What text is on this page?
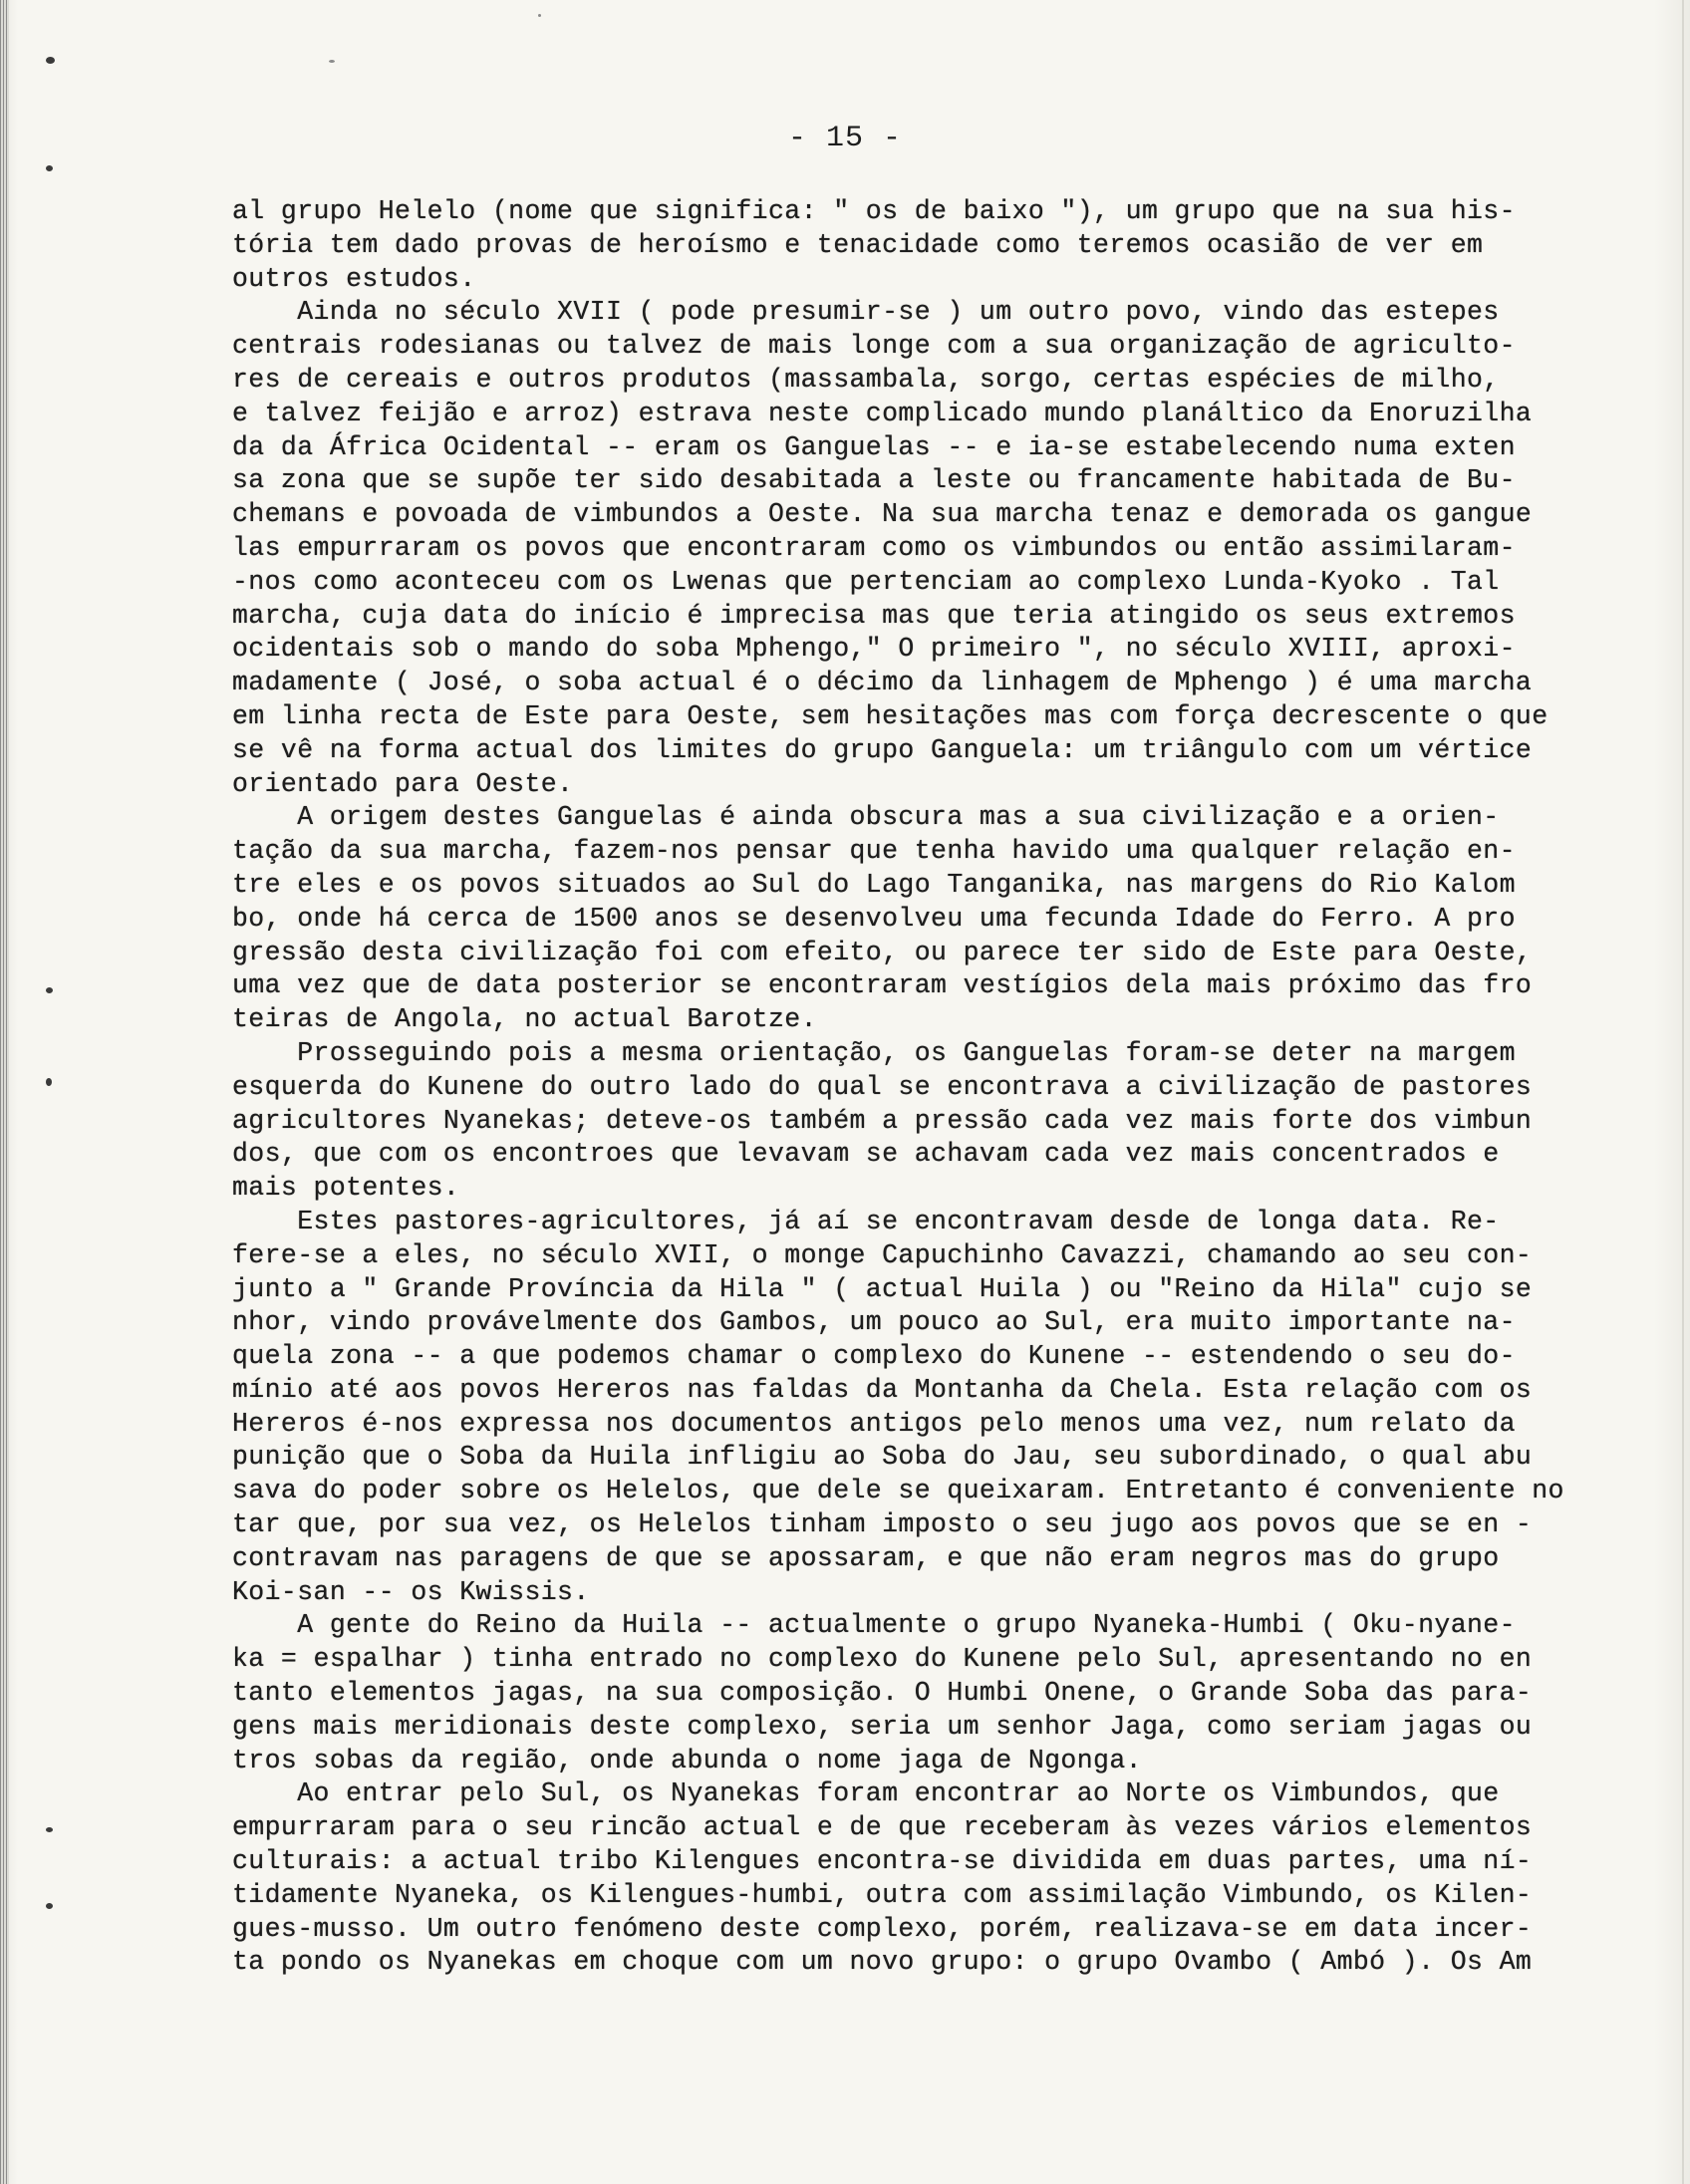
- 15 -
al grupo Helelo (nome que significa: " os de baixo "), um grupo que na sua his-
tória tem dado provas de heroísmo e tenacidade como teremos ocasião de ver em
outros estudos.
Ainda no século XVII ( pode presumir-se ) um outro povo, vindo das estepes
centrais rodesianas ou talvez de mais longe com a sua organização de agriculto-
res de cereais e outros produtos (massambala, sorgo, certas espécies de milho,
e talvez feijão e arroz) estrava neste complicado mundo planáltico da Enoruzilha
da da África Ocidental -- eram os Ganguelas -- e ia-se estabelecendo numa exten
sa zona que se supõe ter sido desabitada a leste ou francamente habitada de Bu-
chemans e povoada de vimbundos a Oeste. Na sua marcha tenaz e demorada os gangue
las empurraram os povos que encontraram como os vimbundos ou então assimilaram-
-nos como aconteceu com os Lwenas que pertenciam ao complexo Lunda-Kyoko . Tal
marcha, cuja data do início é imprecisa mas que teria atingido os seus extremos
ocidentais sob o mando do soba Mphengo," O primeiro ", no século XVIII, aproxi-
madamente ( José, o soba actual é o décimo da linhagem de Mphengo ) é uma marcha
em linha recta de Este para Oeste, sem hesitações mas com força decrescente o que
se vê na forma actual dos limites do grupo Ganguela: um triângulo com um vértice
orientado para Oeste.
A origem destes Ganguelas é ainda obscura mas a sua civilização e a orien-
tação da sua marcha, fazem-nos pensar que tenha havido uma qualquer relação en-
tre eles e os povos situados ao Sul do Lago Tanganika, nas margens do Rio Kalom
bo, onde há cerca de 1500 anos se desenvolveu uma fecunda Idade do Ferro. A pro
gressão desta civilização foi com efeito, ou parece ter sido de Este para Oeste,
uma vez que de data posterior se encontraram vestígios dela mais próximo das fro
teiras de Angola, no actual Barotze.
Prosseguindo pois a mesma orientação, os Ganguelas foram-se deter na margem
esquerda do Kunene do outro lado do qual se encontrava a civilização de pastores
agricultores Nyanekas; deteve-os também a pressão cada vez mais forte dos vimbun
dos, que com os encontroes que levavam se achavam cada vez mais concentrados e
mais potentes.
Estes pastores-agricultores, já aí se encontravam desde de longa data. Re-
fere-se a eles, no século XVII, o monge Capuchinho Cavazzi, chamando ao seu con-
junto a " Grande Província da Hila " ( actual Huila ) ou "Reino da Hila" cujo se
nhor, vindo provávelmente dos Gambos, um pouco ao Sul, era muito importante na-
quela zona -- a que podemos chamar o complexo do Kunene -- estendendo o seu do-
mínio até aos povos Hereros nas faldas da Montanha da Chela. Esta relação com os
Hereros é-nos expressa nos documentos antigos pelo menos uma vez, num relato da
punição que o Soba da Huila infligiu ao Soba do Jau, seu subordinado, o qual abu
sava do poder sobre os Helelos, que dele se queixaram. Entretanto é conveniente no
tar que, por sua vez, os Helelos tinham imposto o seu jugo aos povos que se en -
contravam nas paragens de que se apossaram, e que não eram negros mas do grupo
Koi-san -- os Kwissis.
A gente do Reino da Huila -- actualmente o grupo Nyaneka-Humbi ( Oku-nyane-
ka = espalhar ) tinha entrado no complexo do Kunene pelo Sul, apresentando no en
tanto elementos jagas, na sua composição. O Humbi Onene, o Grande Soba das para-
gens mais meridionais deste complexo, seria um senhor Jaga, como seriam jagas ou
tros sobas da região, onde abunda o nome jaga de Ngonga.
Ao entrar pelo Sul, os Nyanekas foram encontrar ao Norte os Vimbundos, que
empurraram para o seu rincão actual e de que receberam às vezes vários elementos
culturais: a actual tribo Kilengues encontra-se dividida em duas partes, uma ní-
tidamente Nyaneka, os Kilengues-humbi, outra com assimilação Vimbundo, os Kilen-
gues-musso. Um outro fenómeno deste complexo, porém, realizava-se em data incer-
ta pondo os Nyanekas em choque com um novo grupo: o grupo Ovambo ( Ambó ). Os Am
